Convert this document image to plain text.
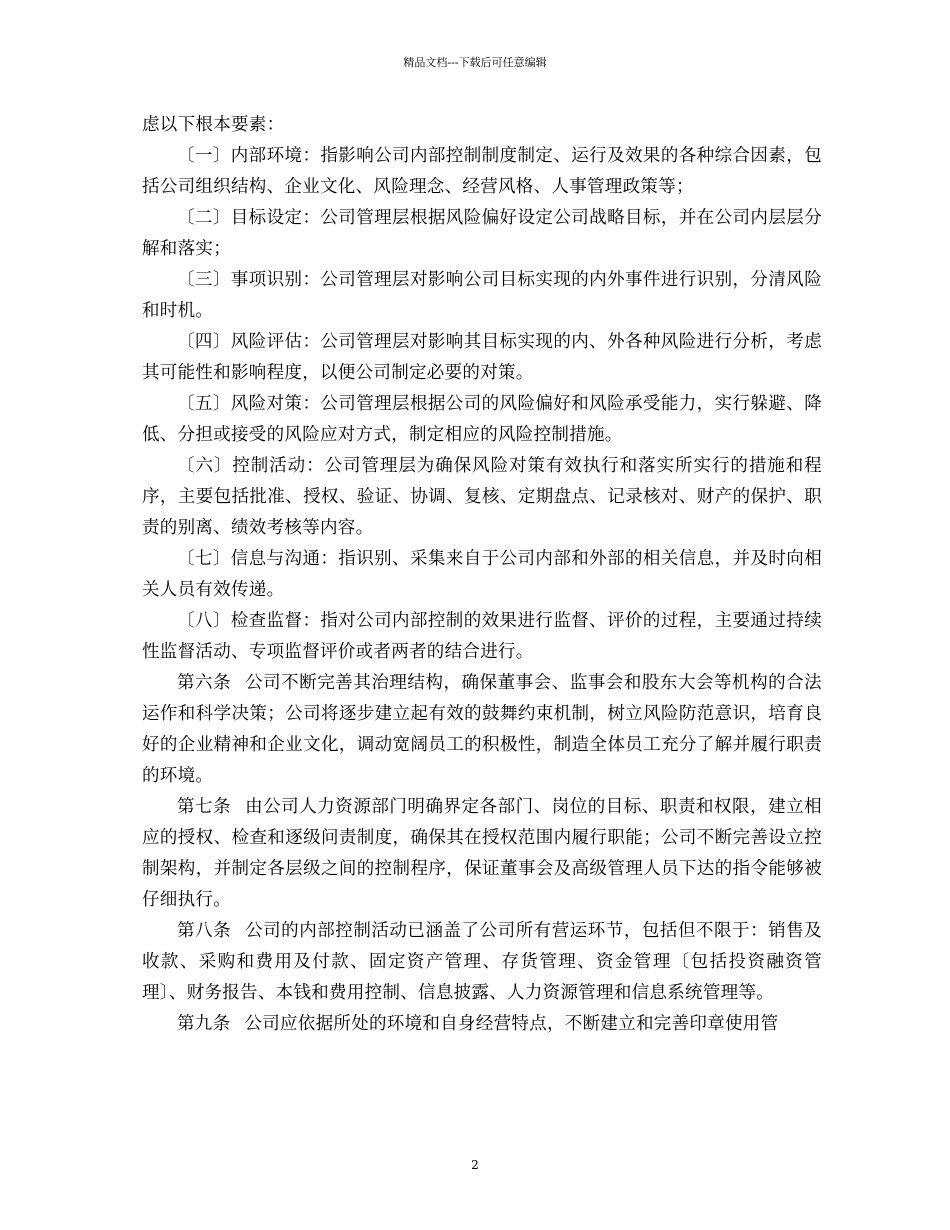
精品文档---下载后可任意编辑

虑以下根本要素：

〔一〕内部环境：指影响公司内部控制制度制定、运行及效果的各种综合因素，包括公司组织结构、企业文化、风险理念、经营风格、人事管理政策等；

〔二〕目标设定：公司管理层根据风险偏好设定公司战略目标，并在公司内层层分解和落实；

〔三〕事项识别：公司管理层对影响公司目标实现的内外事件进行识别，分清风险和时机。

〔四〕风险评估：公司管理层对影响其目标实现的内、外各种风险进行分析，考虑其可能性和影响程度，以便公司制定必要的对策。

〔五〕风险对策：公司管理层根据公司的风险偏好和风险承受能力，实行躲避、降低、分担或接受的风险应对方式，制定相应的风险控制措施。

〔六〕控制活动：公司管理层为确保风险对策有效执行和落实所实行的措施和程序，主要包括批准、授权、验证、协调、复核、定期盘点、记录核对、财产的保护、职责的别离、绩效考核等内容。

〔七〕信息与沟通：指识别、采集来自于公司内部和外部的相关信息，并及时向相关人员有效传递。

〔八〕检查监督：指对公司内部控制的效果进行监督、评价的过程，主要通过持续性监督活动、专项监督评价或者两者的结合进行。

第六条 公司不断完善其治理结构，确保董事会、监事会和股东大会等机构的合法运作和科学决策；公司将逐步建立起有效的鼓舞约束机制，树立风险防范意识，培育良好的企业精神和企业文化，调动宽阔员工的积极性，制造全体员工充分了解并履行职责的环境。

第七条 由公司人力资源部门明确界定各部门、岗位的目标、职责和权限，建立相应的授权、检查和逐级问责制度，确保其在授权范围内履行职能；公司不断完善设立控制架构，并制定各层级之间的控制程序，保证董事会及高级管理人员下达的指令能够被仔细执行。

第八条 公司的内部控制活动已涵盖了公司所有营运环节，包括但不限于：销售及收款、采购和费用及付款、固定资产管理、存货管理、资金管理〔包括投资融资管理〕、财务报告、本钱和费用控制、信息披露、人力资源管理和信息系统管理等。

第九条 公司应依据所处的环境和自身经营特点，不断建立和完善印章使用管

2
